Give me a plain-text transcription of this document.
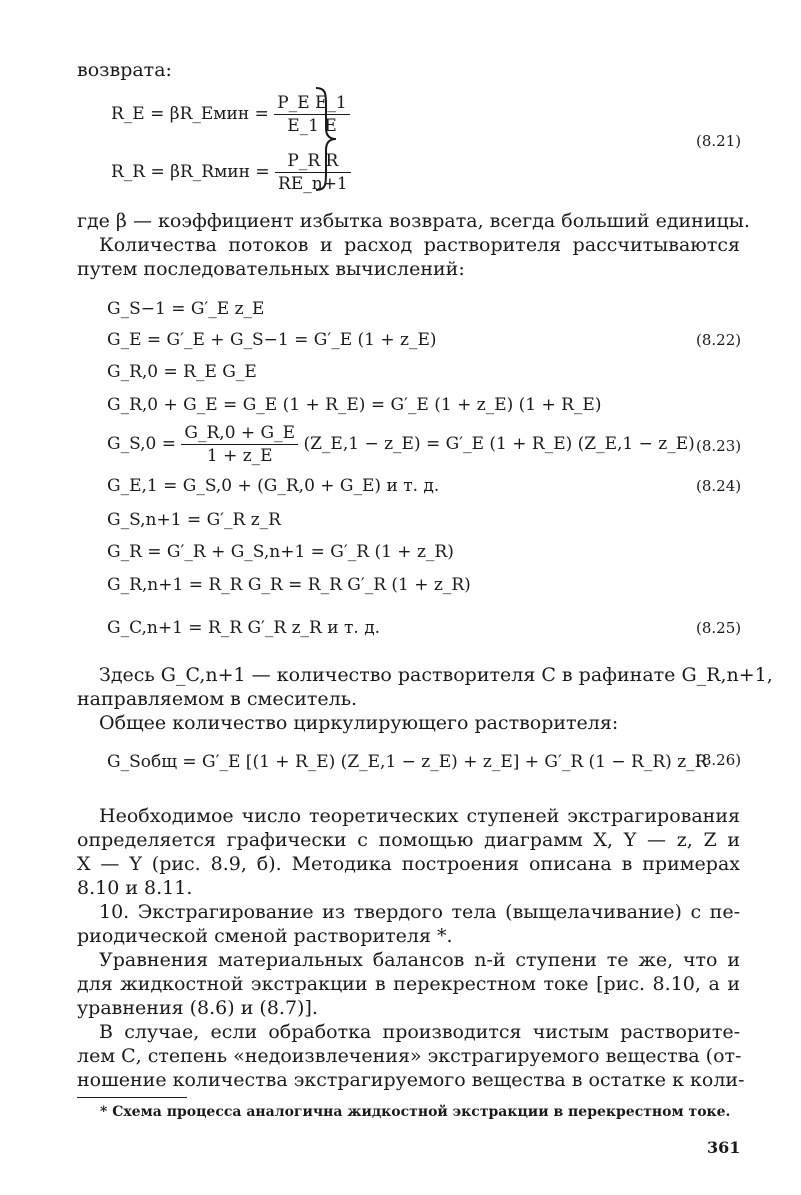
возврата:
R_E = βR_Eмин = $\frac{\text{P\_E E\_1}}{E\_1 E}$
R_R = βR_Rмин = $\frac{\text{P\_R R}}{RE\_n+1}$
(8.21)
где β — коэффициент избытка возврата, всегда больший единицы.
Количества потоков и расход растворителя рассчитываются
путем последовательных вычислений:
G_S−1 = G′_E z_E
G_E = G′_E + G_S−1 = G′_E (1 + z_E)	(8.22)
G_R,0 = R_E G_E
G_R,0 + G_E = G_E (1 + R_E) = G′_E (1 + z_E) (1 + R_E)
G_S,0 = $\frac{G\_R,0 + G\_E}{1 + z\_E}$ (Z_E,1 − z_E) = G′_E (1 + R_E) (Z_E,1 − z_E) (8.23)
G_E,1 = G_S,0 + (G_R,0 + G_E) и т. д.	(8.24)
G_S,n+1 = G′_R z_R
G_R = G′_R + G_S,n+1 = G′_R (1 + z_R)
G_R,n+1 = R_R G_R = R_R G′_R (1 + z_R)
G_C,n+1 = R_R G′_R z_R и т. д.	(8.25)
Здесь G_C,n+1 — количество растворителя С в рафинате G_R,n+1,
направляемом в смеситель.
Общее количество циркулирующего растворителя:
G_Sобщ = G′_E [(1 + R_E) (Z_E,1 − z_E) + z_E] + G′_R (1 − R_R) z_R
(8.26)
Необходимое число теоретических ступеней экстрагирования
определяется графически с помощью диаграмм X, Y — z, Z и
X — Y (рис. 8.9, б). Методика построения описана в примерах
8.10 и 8.11.
10. Экстрагирование из твердого тела (выщелачивание) с пе-
риодической сменой растворителя *.
Уравнения материальных балансов n-й ступени те же, что и
для жидкостной экстракции в перекрестном токе [рис. 8.10, а и
уравнения (8.6) и (8.7)].
В случае, если обработка производится чистым растворите-
лем С, степень «недоизвлечения» экстрагируемого вещества (от-
ношение количества экстрагируемого вещества в остатке к коли-
* Схема процесса аналогична жидкостной экстракции в перекрестном токе.
361
